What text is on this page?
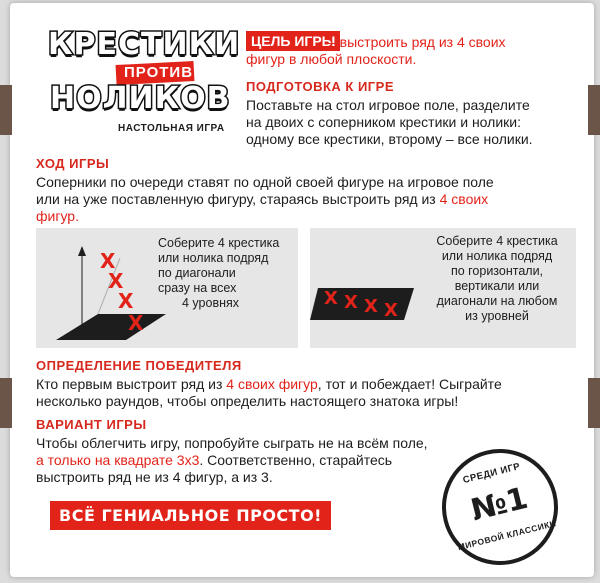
КРЕСТИКИ
ПРОТИВ
НОЛИКОВ
НАСТОЛЬНАЯ ИГРА
ЦЕЛЬ ИГРЫ
– выстроить ряд из 4 своих
фигур в любой плоскости.
ПОДГОТОВКА К ИГРЕ
Поставьте на стол игровое поле, разделите
на двоих с соперником крестики и нолики:
одному все крестики, второму – все нолики.
ХОД ИГРЫ
Соперники по очереди ставят по одной своей фигуре на игровое поле
или на уже поставленную фигуру, стараясь выстроить ряд из 4 своих
фигур.
X
X
X
X
Соберите 4 крестика
или нолика подряд
по диагонали
сразу на всех
4 уровнях	X X X X
Соберите 4 крестика
или нолика подряд
по горизонтали,
вертикали или
диагонали на любом
из уровней
ОПРЕДЕЛЕНИЕ ПОБЕДИТЕЛЯ
Кто первым выстроит ряд из 4 своих фигур, тот и побеждает! Сыграйте
несколько раундов, чтобы определить настоящего знатока игры!
ВАРИАНТ ИГРЫ
Чтобы облегчить игру, попробуйте сыграть не на всём поле,
а только на квадрате 3х3. Соответственно, старайтесь
выстроить ряд не из 4 фигур, а из 3.
ВСЁ ГЕНИАЛЬНОЕ ПРОСТО!
СРЕДИ ИГР
№1
МИРОВОЙ КЛАССИКИ
